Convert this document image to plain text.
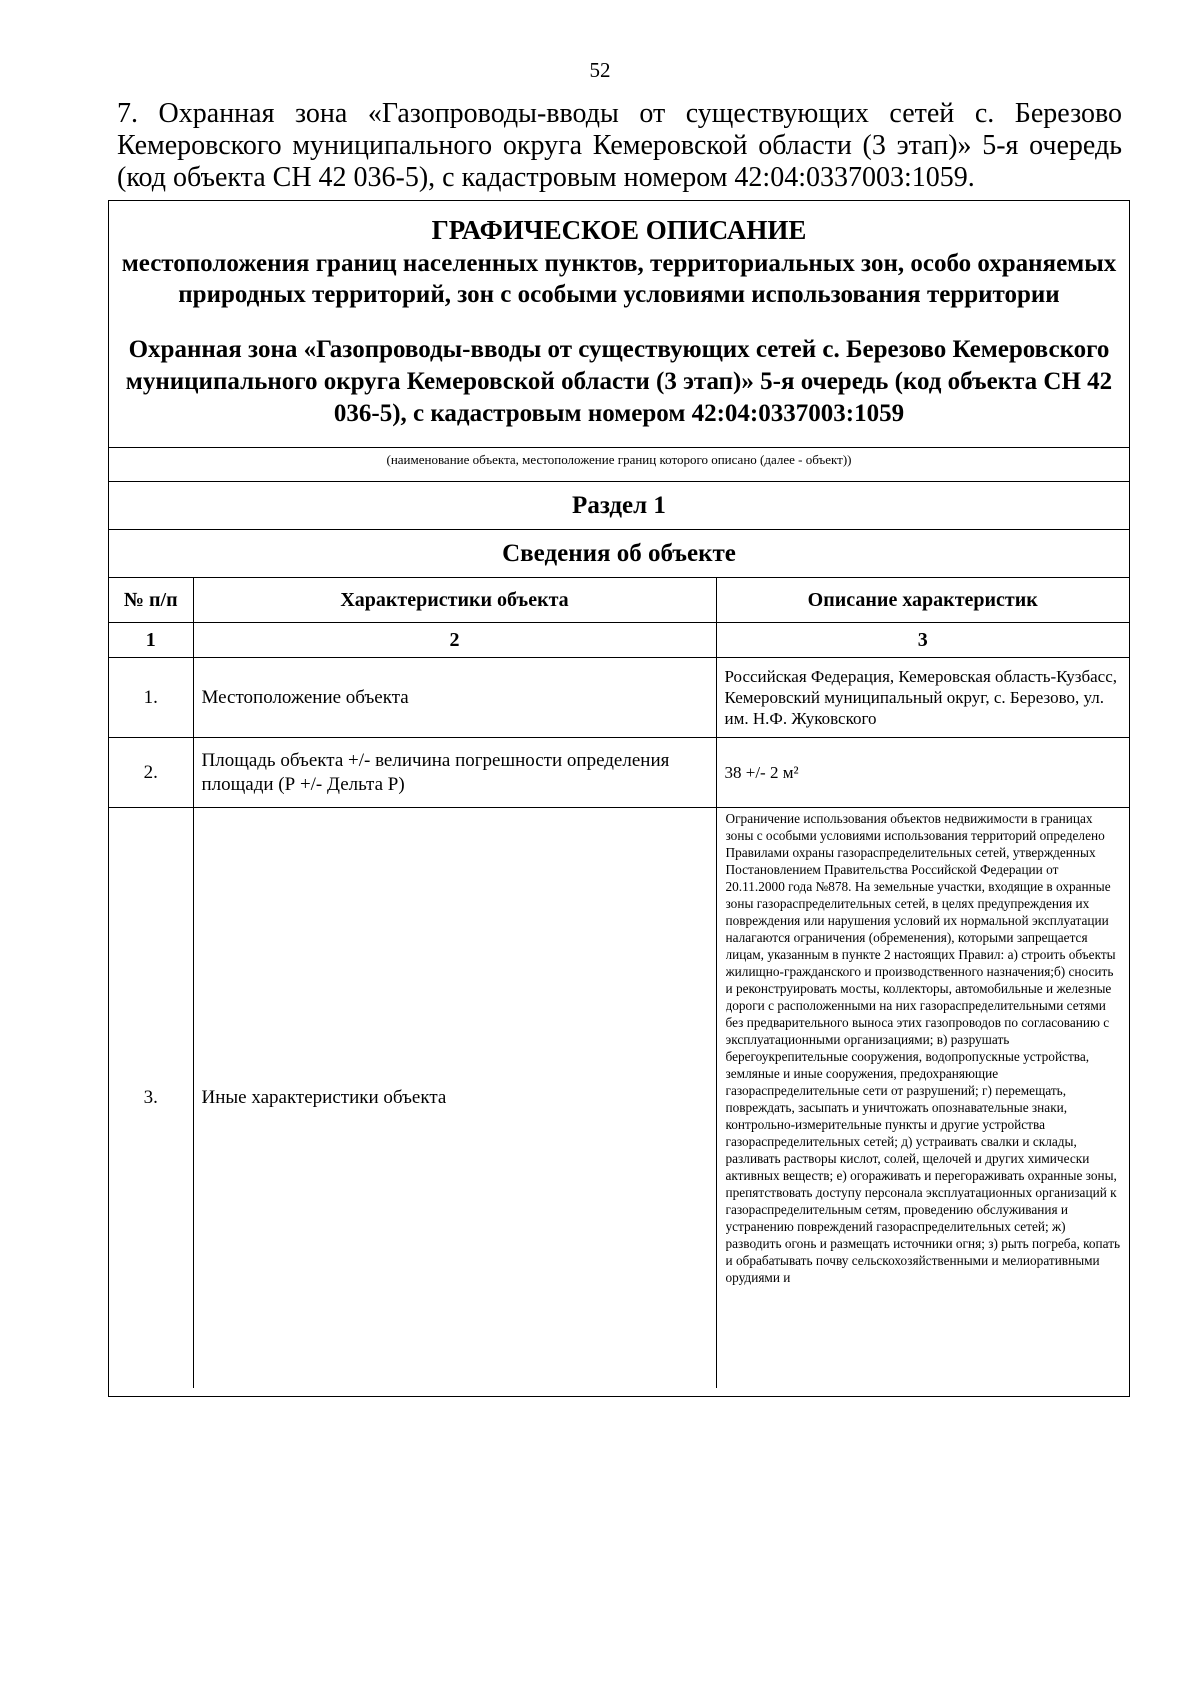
52
7. Охранная зона «Газопроводы-вводы от существующих сетей с. Березово Кемеровского муниципального округа Кемеровской области (3 этап)» 5-я очередь (код объекта СН 42 036-5), с кадастровым номером 42:04:0337003:1059.
ГРАФИЧЕСКОЕ ОПИСАНИЕ
местоположения границ населенных пунктов, территориальных зон, особо охраняемых природных территорий, зон с особыми условиями использования территории
Охранная зона «Газопроводы-вводы от существующих сетей с. Березово Кемеровского муниципального округа Кемеровской области (3 этап)» 5-я очередь (код объекта СН 42 036-5), с кадастровым номером 42:04:0337003:1059
(наименование объекта, местоположение границ которого описано (далее - объект))
Раздел 1
Сведения об объекте
№ п/п	Характеристики объекта	Описание характеристик
1	2	3
1.	Местоположение объекта	Российская Федерация, Кемеровская область-Кузбасс, Кемеровский муниципальный округ, с. Березово, ул. им. Н.Ф. Жуковского
2.	Площадь объекта +/- величина погрешности определения площади (Р +/- Дельта Р)	38 +/- 2 м²
3.	Иные характеристики объекта	Ограничение использования объектов недвижимости в границах зоны с особыми условиями использования территорий определено Правилами охраны газораспределительных сетей, утвержденных Постановлением Правительства Российской Федерации от 20.11.2000 года №878. На земельные участки, входящие в охранные зоны газораспределительных сетей, в целях предупреждения их повреждения или нарушения условий их нормальной эксплуатации налагаются ограничения (обременения), которыми запрещается лицам, указанным в пункте 2 настоящих Правил: а) строить объекты жилищно-гражданского и производственного назначения;б) сносить и реконструировать мосты, коллекторы, автомобильные и железные дороги с расположенными на них газораспределительными сетями без предварительного выноса этих газопроводов по согласованию с эксплуатационными организациями; в) разрушать берегоукрепительные сооружения, водопропускные устройства, земляные и иные сооружения, предохраняющие газораспределительные сети от разрушений; г) перемещать, повреждать, засыпать и уничтожать опознавательные знаки, контрольно-измерительные пункты и другие устройства газораспределительных сетей; д) устраивать свалки и склады, разливать растворы кислот, солей, щелочей и других химически активных веществ; е) огораживать и перегораживать охранные зоны, препятствовать доступу персонала эксплуатационных организаций к газораспределительным сетям, проведению обслуживания и устранению повреждений газораспределительных сетей; ж) разводить огонь и размещать источники огня; з) рыть погреба, копать и обрабатывать почву сельскохозяйственными и мелиоративными орудиями и
